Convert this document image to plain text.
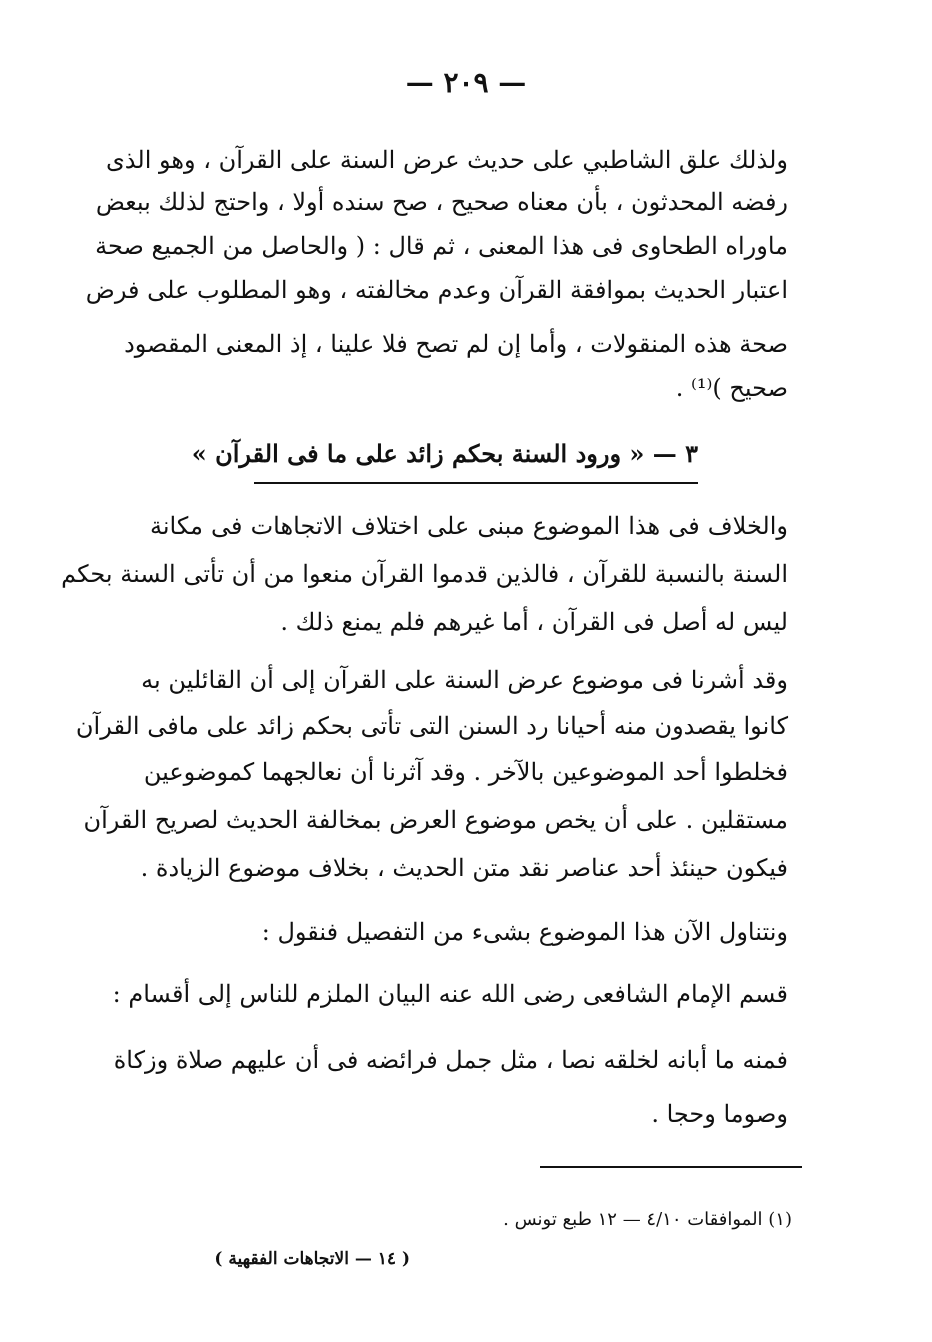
— ٢٠٩ —
ولذلك علق الشاطبي على حديث عرض السنة على القرآن ، وهو الذى
رفضه المحدثون ، بأن معناه صحيح ، صح سنده أولا ، واحتج لذلك ببعض
ماوراه الطحاوى فى هذا المعنى ، ثم قال : ( والحاصل من الجميع صحة
اعتبار الحديث بموافقة القرآن وعدم مخالفته ، وهو المطلوب على فرض
صحة هذه المنقولات ، وأما إن لم تصح فلا علينا ، إذ المعنى المقصود
صحيح )⁽¹⁾ .
٣ — « ورود السنة بحكم زائد على ما فى القرآن »
والخلاف فى هذا الموضوع مبنى على اختلاف الاتجاهات فى مكانة
السنة بالنسبة للقرآن ، فالذين قدموا القرآن منعوا من أن تأتى السنة بحكم
ليس له أصل فى القرآن ، أما غيرهم فلم يمنع ذلك .
وقد أشرنا فى موضوع عرض السنة على القرآن إلى أن القائلين به
كانوا يقصدون منه أحيانا رد السنن التى تأتى بحكم زائد على مافى القرآن
فخلطوا أحد الموضوعين بالآخر . وقد آثرنا أن نعالجهما كموضوعين
مستقلين . على أن يخص موضوع العرض بمخالفة الحديث لصريح القرآن
فيكون حينئذ أحد عناصر نقد متن الحديث ، بخلاف موضوع الزيادة .
ونتناول الآن هذا الموضوع بشىء من التفصيل فنقول :
قسم الإمام الشافعى رضى الله عنه البيان الملزم للناس إلى أقسام :
فمنه ما أبانه لخلقه نصا ، مثل جمل فرائضه فى أن عليهم صلاة وزكاة
وصوما وحجا .
(١) الموافقات ٤/١٠ — ١٢ طبع تونس .
( ١٤ — الاتجاهات الفقهية )
